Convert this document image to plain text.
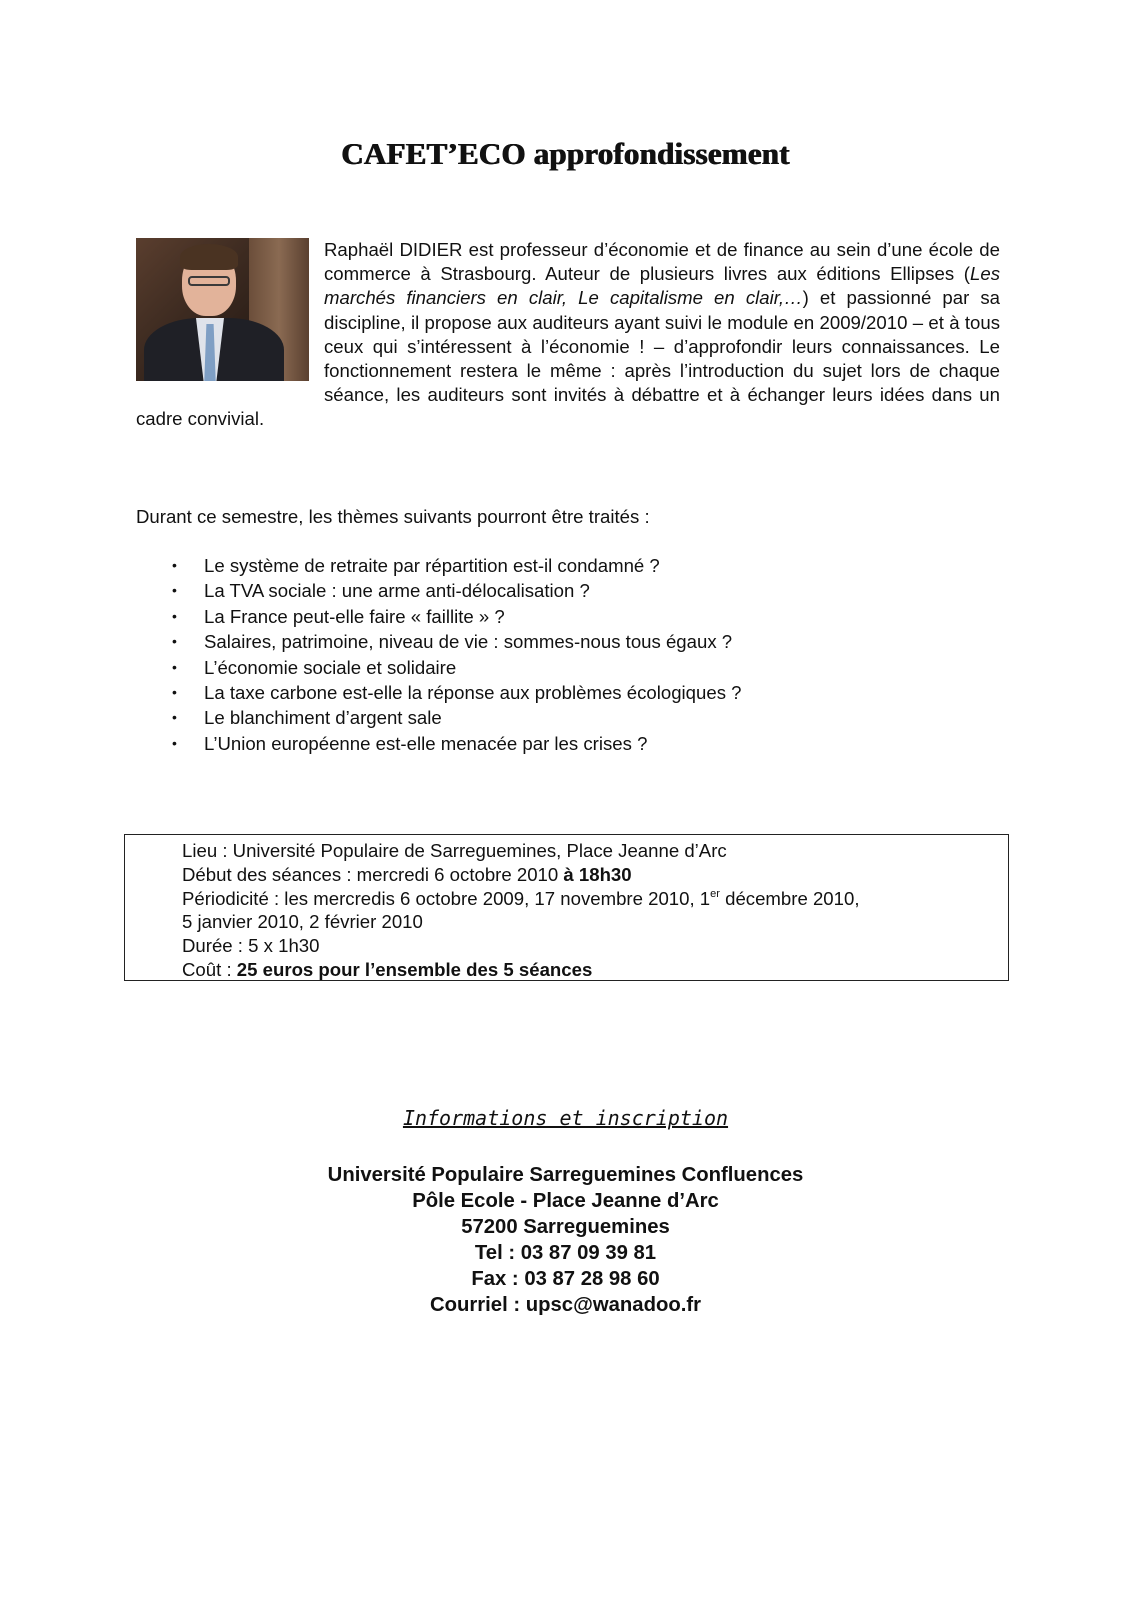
CAFET’ECO approfondissement
Raphaël DIDIER est professeur d’économie et de finance au sein d’une école de commerce à Strasbourg. Auteur de plusieurs livres aux éditions Ellipses (Les marchés financiers en clair, Le capitalisme en clair,…) et passionné par sa discipline, il propose aux auditeurs ayant suivi le module en 2009/2010 – et à tous ceux qui s’intéressent à l’économie ! – d’approfondir leurs connaissances. Le fonctionnement restera le même : après l’introduction du sujet lors de chaque séance, les auditeurs sont invités à débattre et à échanger leurs idées dans un cadre convivial.
Durant ce semestre, les thèmes suivants pourront être traités :
• Le système de retraite par répartition est-il condamné ?
• La TVA sociale : une arme anti-délocalisation ?
• La France peut-elle faire « faillite » ?
• Salaires, patrimoine, niveau de vie : sommes-nous tous égaux ?
• L’économie sociale et solidaire
• La taxe carbone est-elle la réponse aux problèmes écologiques ?
• Le blanchiment d’argent sale
• L’Union européenne est-elle menacée par les crises ?
Lieu : Université Populaire de Sarreguemines, Place Jeanne d’Arc
Début des séances : mercredi 6 octobre 2010 à 18h30
Périodicité : les mercredis 6 octobre 2009, 17 novembre 2010, 1er décembre 2010,
5 janvier 2010, 2 février 2010
Durée : 5 x 1h30
Coût : 25 euros pour l’ensemble des 5 séances
Informations et inscription
Université Populaire Sarreguemines Confluences
Pôle Ecole - Place Jeanne d’Arc
57200 Sarreguemines
Tel : 03 87 09 39 81
Fax : 03 87 28 98 60
Courriel : upsc@wanadoo.fr
